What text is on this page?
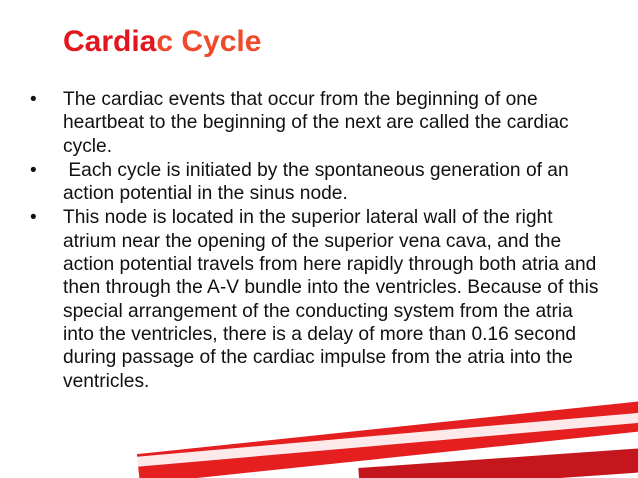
Cardiac Cycle
• The cardiac events that occur from the beginning of one heartbeat to the beginning of the next are called the cardiac cycle.
• Each cycle is initiated by the spontaneous generation of an action potential in the sinus node.
• This node is located in the superior lateral wall of the right atrium near the opening of the superior vena cava, and the action potential travels from here rapidly through both atria and then through the A-V bundle into the ventricles. Because of this special arrangement of the conducting system from the atria into the ventricles, there is a delay of more than 0.16 second during passage of the cardiac impulse from the atria into the ventricles.
